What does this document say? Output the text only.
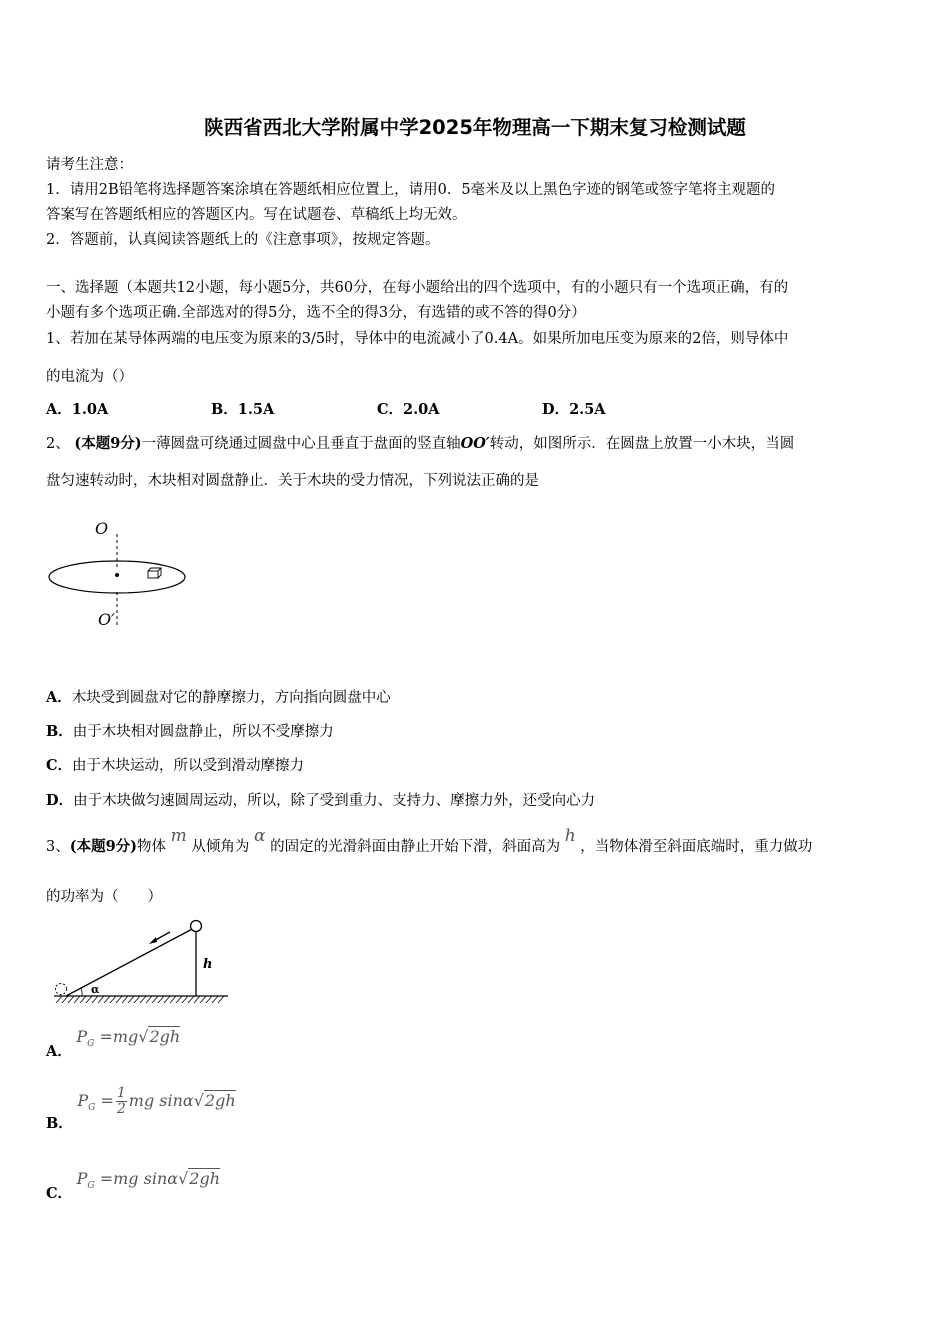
陕西省西北大学附属中学2025年物理高一下期末复习检测试题
请考生注意：
1．请用2B铅笔将选择题答案涂填在答题纸相应位置上，请用0．5毫米及以上黑色字迹的钢笔或签字笔将主观题的
答案写在答题纸相应的答题区内。写在试题卷、草稿纸上均无效。
2．答题前，认真阅读答题纸上的《注意事项》，按规定答题。
一、选择题（本题共12小题，每小题5分，共60分，在每小题给出的四个选项中，有的小题只有一个选项正确，有的
小题有多个选项正确.全部选对的得5分，选不全的得3分，有选错的或不答的得0分）
1、若加在某导体两端的电压变为原来的3/5时，导体中的电流减小了0.4A。如果所加电压变为原来的2倍，则导体中
的电流为（）
A．1.0A	B．1.5A	C．2.0A	D．2.5A
2、 (本题9分)一薄圆盘可绕通过圆盘中心且垂直于盘面的竖直轴OO′转动，如图所示．在圆盘上放置一小木块，当圆
盘匀速转动时，木块相对圆盘静止．关于木块的受力情况，下列说法正确的是
O
O′
A．木块受到圆盘对它的静摩擦力，方向指向圆盘中心
B．由于木块相对圆盘静止，所以不受摩擦力
C．由于木块运动，所以受到滑动摩擦力
D．由于木块做匀速圆周运动，所以，除了受到重力、支持力、摩擦力外，还受向心力
3、(本题9分)物体 m 从倾角为 α 的固定的光滑斜面由静止开始下滑，斜面高为 h ，当物体滑至斜面底端时，重力做功
的功率为（　　）
α
h
A． $P_G =mg√2gh$
B． $P_G = \frac{1}{2}$ mg sinα√2gh
C． $P_G =mg$ sinα√2gh
